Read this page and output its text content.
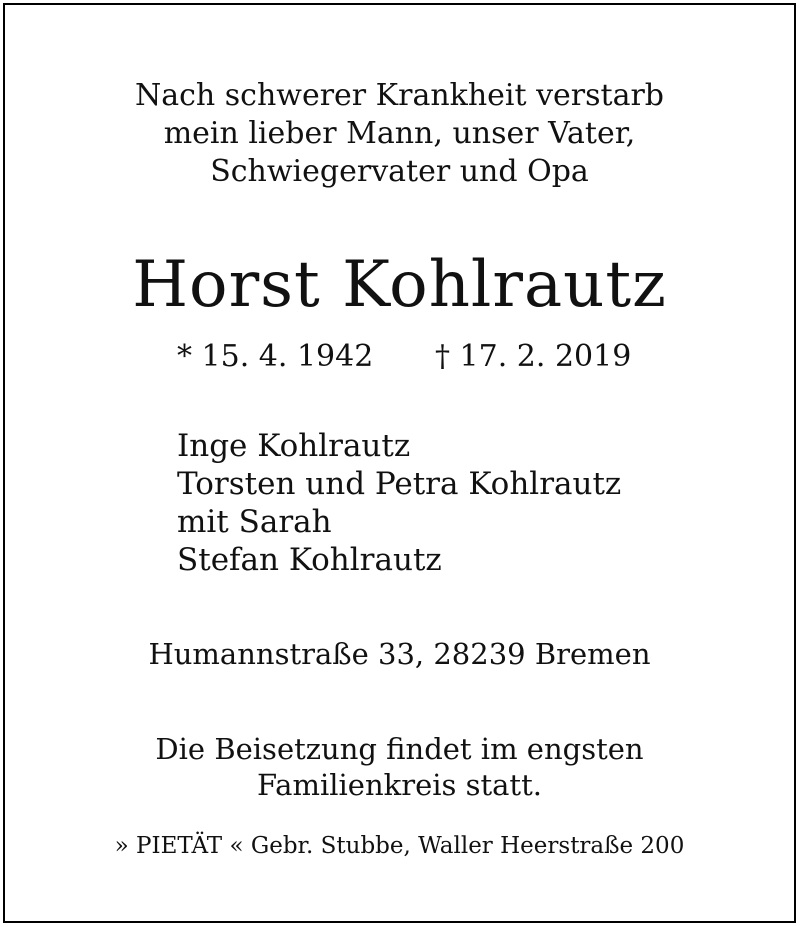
Nach schwerer Krankheit verstarb
mein lieber Mann, unser Vater,
Schwiegervater und Opa
Horst Kohlrautz
* 15. 4. 1942 † 17. 2. 2019
Inge Kohlrautz
Torsten und Petra Kohlrautz
mit Sarah
Stefan Kohlrautz
Humannstraße 33, 28239 Bremen
Die Beisetzung findet im engsten
Familienkreis statt.
» PIETÄT « Gebr. Stubbe, Waller Heerstraße 200
